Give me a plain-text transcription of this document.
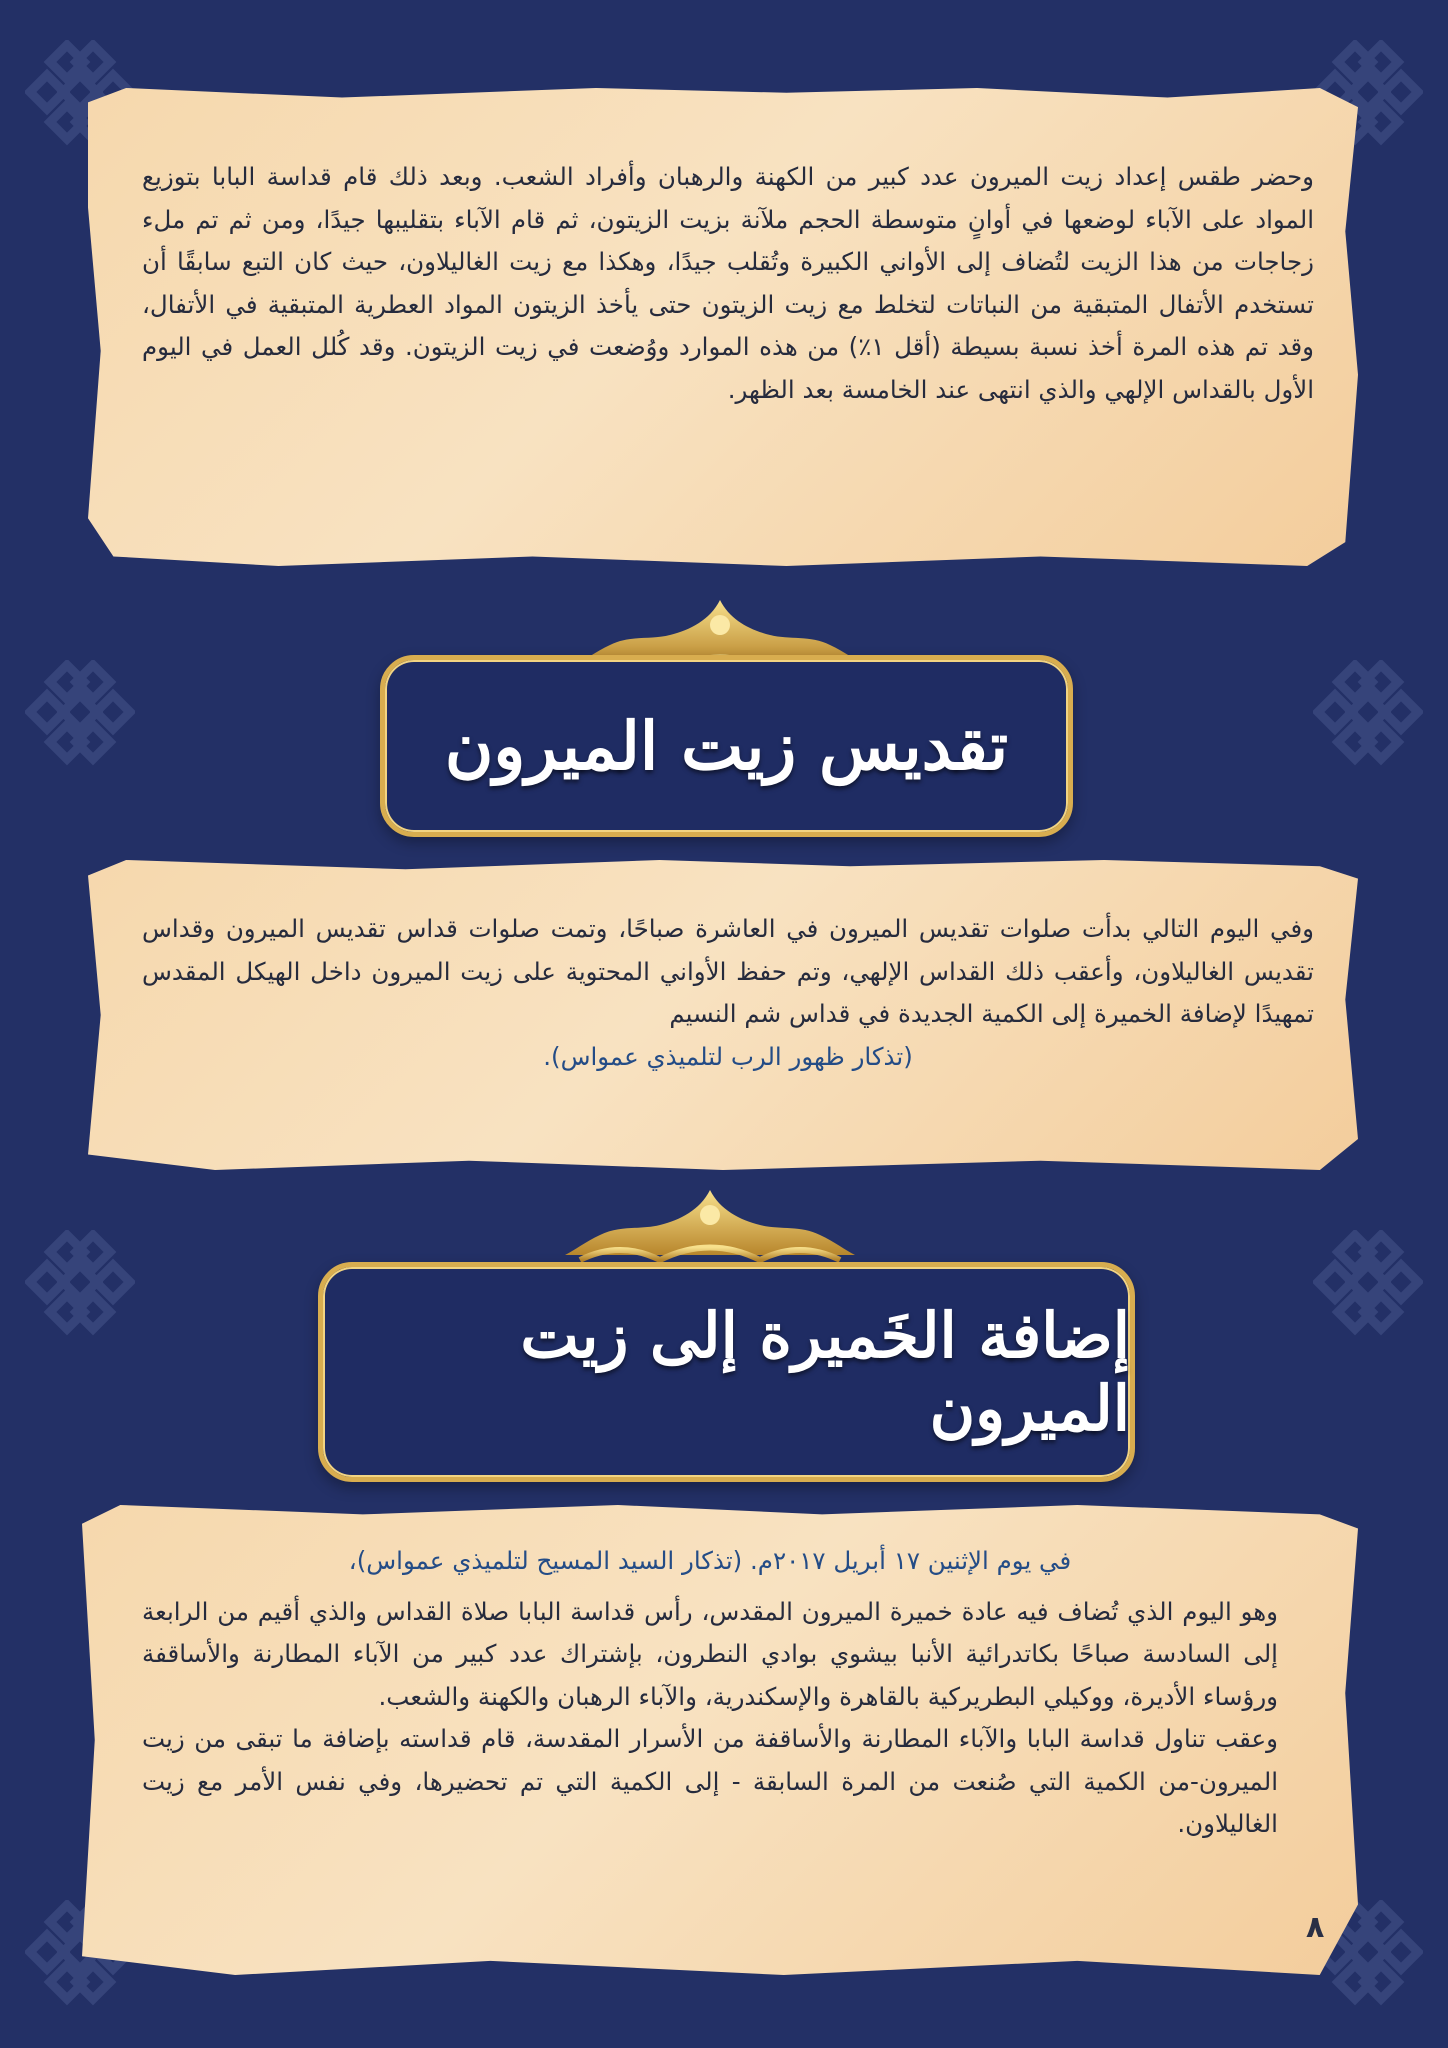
وحضر طقس إعداد زيت الميرون عدد كبير من الكهنة والرهبان وأفراد الشعب. وبعد ذلك قام قداسة البابا بتوزيع المواد على الآباء لوضعها في أوانٍ متوسطة الحجم ملآنة بزيت الزيتون، ثم قام الآباء بتقليبها جيدًا، ومن ثم تم ملء زجاجات من هذا الزيت لتُضاف إلى الأواني الكبيرة وتُقلب جيدًا، وهكذا مع زيت الغاليلاون، حيث كان التبع سابقًا أن تستخدم الأتفال المتبقية من النباتات لتخلط مع زيت الزيتون حتى يأخذ الزيتون المواد العطرية المتبقية في الأتفال، وقد تم هذه المرة أخذ نسبة بسيطة (أقل ١٪) من هذه الموارد ووُضعت في زيت الزيتون. وقد كُلل العمل في اليوم الأول بالقداس الإلهي والذي انتهى عند الخامسة بعد الظهر.

تقديس زيت الميرون

وفي اليوم التالي بدأت صلوات تقديس الميرون في العاشرة صباحًا، وتمت صلوات قداس تقديس الميرون وقداس تقديس الغاليلاون، وأعقب ذلك القداس الإلهي، وتم حفظ الأواني المحتوية على زيت الميرون داخل الهيكل المقدس تمهيدًا لإضافة الخميرة إلى الكمية الجديدة في قداس شم النسيم

(تذكار ظهور الرب لتلميذي عمواس).

إضافة الخَميرة إلى زيت الميرون

في يوم الإثنين ١٧ أبريل ٢٠١٧م. (تذكار السيد المسيح لتلميذي عمواس)،

وهو اليوم الذي تُضاف فيه عادة خميرة الميرون المقدس، رأس قداسة البابا صلاة القداس والذي أقيم من الرابعة إلى السادسة صباحًا بكاتدرائية الأنبا بيشوي بوادي النطرون، بإشتراك عدد كبير من الآباء المطارنة والأساقفة ورؤساء الأديرة، ووكيلي البطريركية بالقاهرة والإسكندرية، والآباء الرهبان والكهنة والشعب.

وعقب تناول قداسة البابا والآباء المطارنة والأساقفة من الأسرار المقدسة، قام قداسته بإضافة ما تبقى من زيت الميرون-من الكمية التي صُنعت من المرة السابقة - إلى الكمية التي تم تحضيرها، وفي نفس الأمر مع زيت الغاليلاون.

٨
